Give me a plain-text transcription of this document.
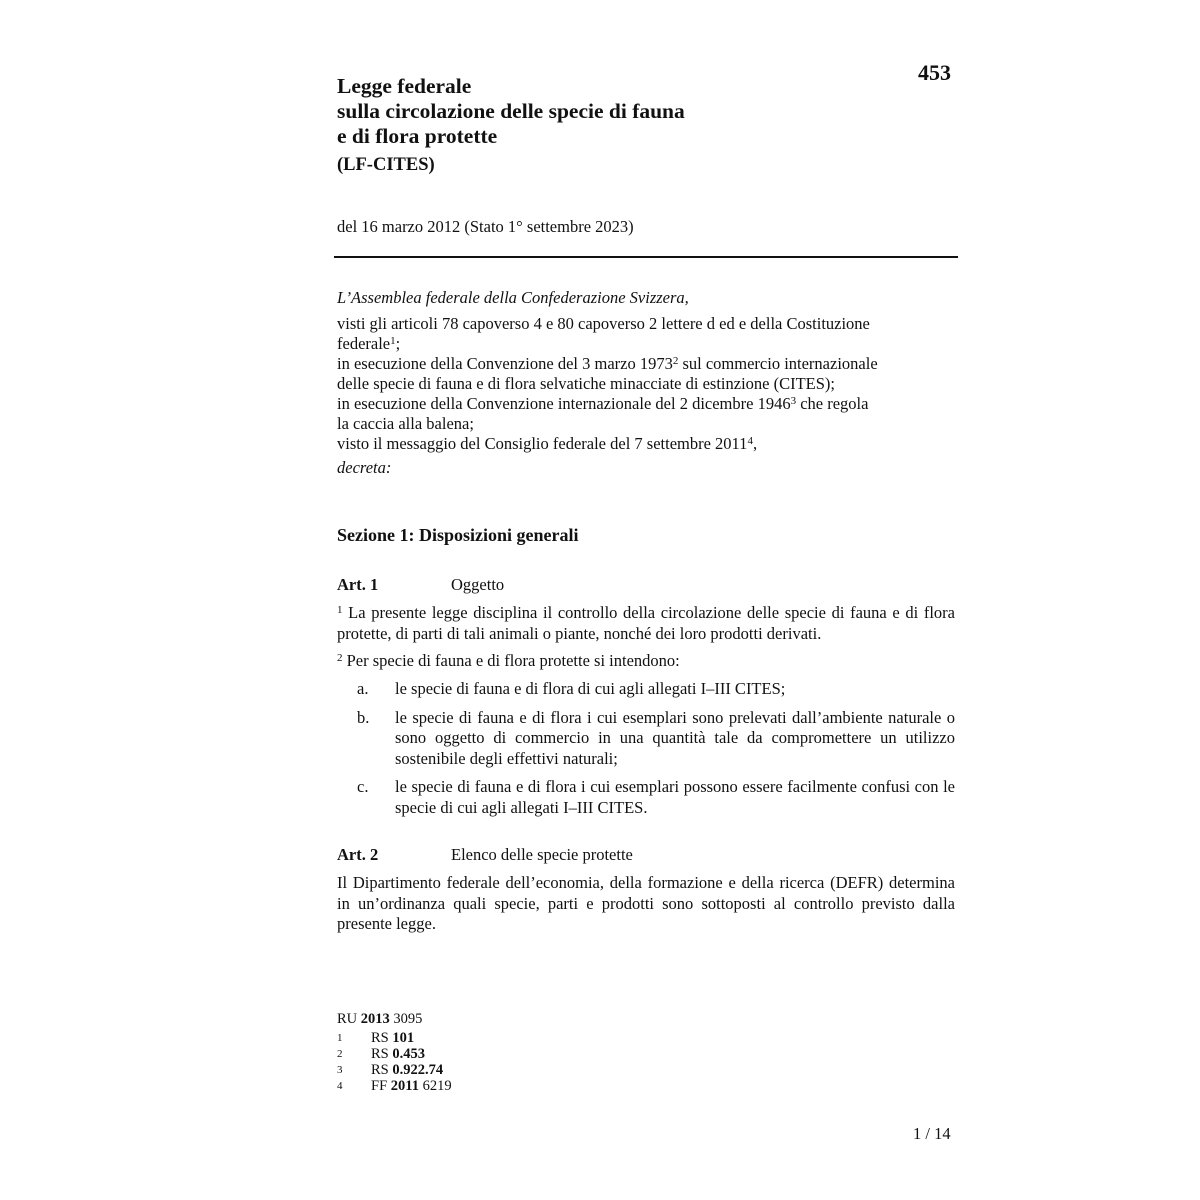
453
Legge federale
sulla circolazione delle specie di fauna
e di flora protette
(LF-CITES)
del 16 marzo 2012 (Stato 1° settembre 2023)
L’Assemblea federale della Confederazione Svizzera,
visti gli articoli 78 capoverso 4 e 80 capoverso 2 lettere d ed e della Costituzione
federale$^1$;
in esecuzione della Convenzione del 3 marzo 1973$^2$ sul commercio internazionale
delle specie di fauna e di flora selvatiche minacciate di estinzione (CITES);
in esecuzione della Convenzione internazionale del 2 dicembre 1946$^3$ che regola
la caccia alla balena;
visto il messaggio del Consiglio federale del 7 settembre 2011$^4$,
decreta:
Sezione 1: Disposizioni generali
Art. 1	Oggetto
$^1$ La presente legge disciplina il controllo della circolazione delle specie di fauna e di flora protette, di parti di tali animali o piante, nonché dei loro prodotti derivati.
$^2$ Per specie di fauna e di flora protette si intendono:
a.	le specie di fauna e di flora di cui agli allegati I–III CITES;
b.	le specie di fauna e di flora i cui esemplari sono prelevati dall’ambiente naturale o sono oggetto di commercio in una quantità tale da compromettere un utilizzo sostenibile degli effettivi naturali;
c.	le specie di fauna e di flora i cui esemplari possono essere facilmente confusi con le specie di cui agli allegati I–III CITES.
Art. 2	Elenco delle specie protette
Il Dipartimento federale dell’economia, della formazione e della ricerca (DEFR) determina in un’ordinanza quali specie, parti e prodotti sono sottoposti al controllo previsto dalla presente legge.
RU 2013 3095
1	RS 101
2	RS 0.453
3	RS 0.922.74
4	FF 2011 6219
1 / 14
